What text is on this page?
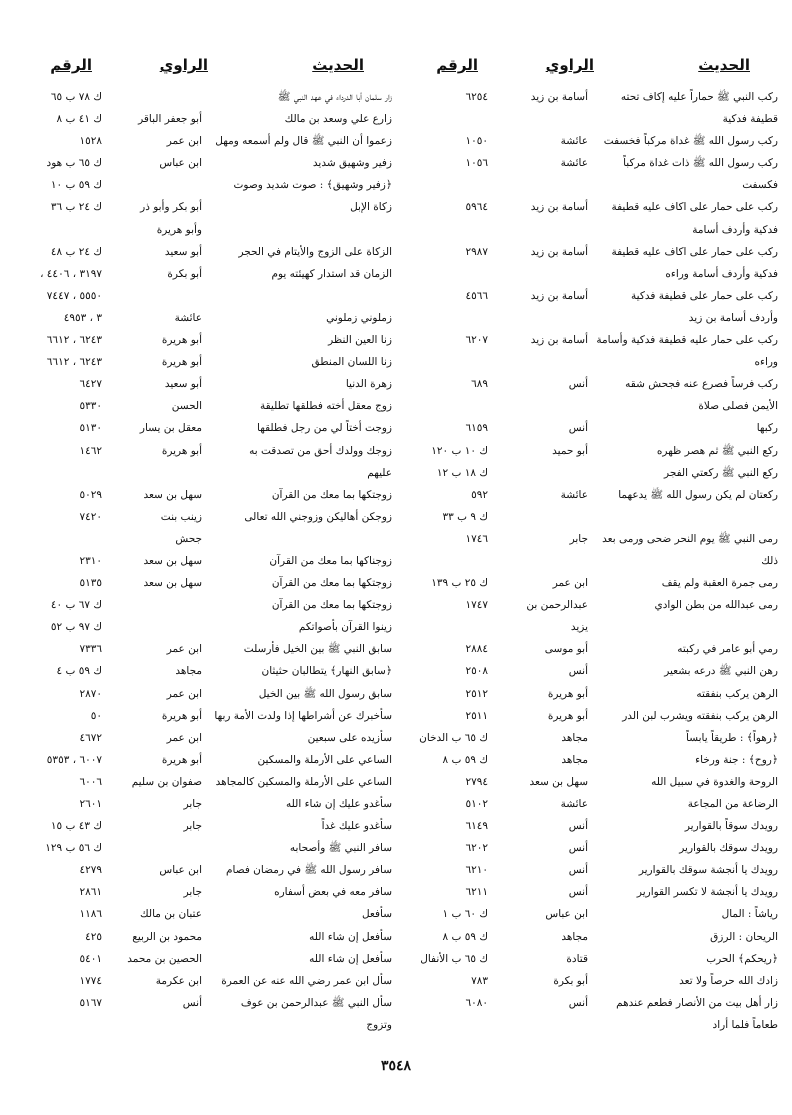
الحديث
الراوي
الرقم
ركب النبي ﷺ حماراً عليه إكاف تحته
أسامة بن زيد
٦٢٥٤
قطيفة فدكية
ركب رسول الله ﷺ غداة مركباً فخسفت
عائشة
١٠٥٠
ركب رسول الله ﷺ ذات غداة مركباً
عائشة
١٠٥٦
فكسفت
ركب على حمار على اكاف عليه قطيفة
أسامة بن زيد
٥٩٦٤
فدكية وأردف أسامة
ركب على حمار على اكاف عليه قطيفة
أسامة بن زيد
٢٩٨٧
فدكية وأردف أسامة وراءه
ركب على حمار على قطيفة فدكية
أسامة بن زيد
٤٥٦٦
وأردف أسامة بن زيد
ركب على حمار عليه قطيفة فدكية وأسامة
أسامة بن زيد
٦٢٠٧
وراءه
ركب فرساً فصرع عنه فجحش شقه
أنس
٦٨٩
الأيمن فصلى صلاة
ركبها
أنس
٦١٥٩
ركع النبي ﷺ ثم هصر ظهره
أبو حميد
ك ١٠ ب ١٢٠
ركع النبي ﷺ ركعتي الفجر
ك ١٨ ب ١٢
ركعتان لم يكن رسول الله ﷺ يدعهما
عائشة
٥٩٢
ك ٩ ب ٣٣
رمى النبي ﷺ يوم النحر ضحى ورمى بعد
جابر
١٧٤٦
ذلك
رمى جمرة العقبة ولم يقف
ابن عمر
ك ٢٥ ب ١٣٩
رمى عبدالله من بطن الوادي
عبدالرحمن بن
١٧٤٧
يزيد
رمي أبو عامر في ركبته
أبو موسى
٢٨٨٤
رهن النبي ﷺ درعه بشعير
أنس
٢٥٠٨
الرهن يركب بنفقته
أبو هريرة
٢٥١٢
الرهن يركب بنفقته ويشرب لبن الدر
أبو هريرة
٢٥١١
﴿رهواً﴾ : طريقاً يابساً
مجاهد
ك ٦٥ ب الدخان
﴿روح﴾ : جنة ورخاء
مجاهد
ك ٥٩ ب ٨
الروحة والغدوة في سبيل الله
سهل بن سعد
٢٧٩٤
الرضاعة من المجاعة
عائشة
٥١٠٢
رويدك سوقاً بالقوارير
أنس
٦١٤٩
رويدك سوقك بالقوارير
أنس
٦٢٠٢
رويدك يا أنجشة سوقك بالقوارير
أنس
٦٢١٠
رويدك يا أنجشة لا تكسر القوارير
أنس
٦٢١١
رياشاً : المال
ابن عباس
ك ٦٠ ب ١
الريحان : الرزق
مجاهد
ك ٥٩ ب ٨
﴿ريحكم﴾ الحرب
قتادة
ك ٦٥ ب الأنفال
زادك الله حرصاً ولا تعد
أبو بكرة
٧٨٣
زار أهل بيت من الأنصار فطعم عندهم
أنس
٦٠٨٠
طعاماً فلما أراد
الحديث
الراوي
الرقم
زار سلمان أبا الدرداء في عهد النبي ﷺ
ك ٧٨ ب ٦٥
زارع علي وسعد بن مالك
أبو جعفر الباقر
ك ٤١ ب ٨
زعموا أن النبي ﷺ قال ولم أسمعه ومهل
ابن عمر
١٥٢٨
زفير وشهيق شديد
ابن عباس
ك ٦٥ ب هود
﴿زفير وشهيق﴾ : صوت شديد وصوت
ك ٥٩ ب ١٠
زكاة الإبل
أبو بكر وأبو ذر
ك ٢٤ ب ٣٦
وأبو هريرة
الزكاة على الزوج والأيتام في الحجر
أبو سعيد
ك ٢٤ ب ٤٨
الزمان قد استدار كهيئته يوم
أبو بكرة
٣١٩٧ ، ٤٤٠٦ ،
٥٥٥٠ ، ٧٤٤٧
زملوني زملوني
عائشة
٣ ، ٤٩٥٣
زنا العين النظر
أبو هريرة
٦٢٤٣ ، ٦٦١٢
زنا اللسان المنطق
أبو هريرة
٦٢٤٣ ، ٦٦١٢
زهرة الدنيا
أبو سعيد
٦٤٢٧
زوج معقل أخته فطلقها تطليقة
الحسن
٥٣٣٠
زوجت أختاً لي من رجل فطلقها
معقل بن يسار
٥١٣٠
زوجك وولدك أحق من تصدقت به
أبو هريرة
١٤٦٢
عليهم
زوجتكها بما معك من القرآن
سهل بن سعد
٥٠٢٩
زوجكن أهاليكن وزوجني الله تعالى
زينب بنت
٧٤٢٠
جحش
زوجناكها بما معك من القرآن
سهل بن سعد
٢٣١٠
زوجتكها بما معك من القرآن
سهل بن سعد
٥١٣٥
زوجتكها بما معك من القرآن
ك ٦٧ ب ٤٠
زينوا القرآن بأصواتكم
ك ٩٧ ب ٥٢
سابق النبي ﷺ بين الخيل فأرسلت
ابن عمر
٧٣٣٦
﴿سابق النهار﴾ يتطالبان حثيثان
مجاهد
ك ٥٩ ب ٤
سابق رسول الله ﷺ بين الخيل
ابن عمر
٢٨٧٠
سأخبرك عن أشراطها إذا ولدت الأمة ربها
أبو هريرة
٥٠
سأزيده على سبعين
ابن عمر
٤٦٧٢
الساعي على الأرملة والمسكين
أبو هريرة
٦٠٠٧ ، ٥٣٥٣
الساعي على الأرملة والمسكين كالمجاهد
صفوان بن سليم
٦٠٠٦
سأغدو عليك إن شاء الله
جابر
٢٦٠١
سأغدو عليك غداً
جابر
ك ٤٣ ب ١٥
سافر النبي ﷺ وأصحابه
ك ٥٦ ب ١٢٩
سافر رسول الله ﷺ في رمضان فصام
ابن عباس
٤٢٧٩
سافر معه في بعض أسفاره
جابر
٢٨٦١
سأفعل
عتبان بن مالك
١١٨٦
سأفعل إن شاء الله
محمود بن الربيع
٤٢٥
سأفعل إن شاء الله
الحصين بن محمد
٥٤٠١
سأل ابن عمر رضي الله عنه عن العمرة
ابن عكرمة
١٧٧٤
سأل النبي ﷺ عبدالرحمن بن عوف
أنس
٥١٦٧
وتزوج
٣٥٤٨
